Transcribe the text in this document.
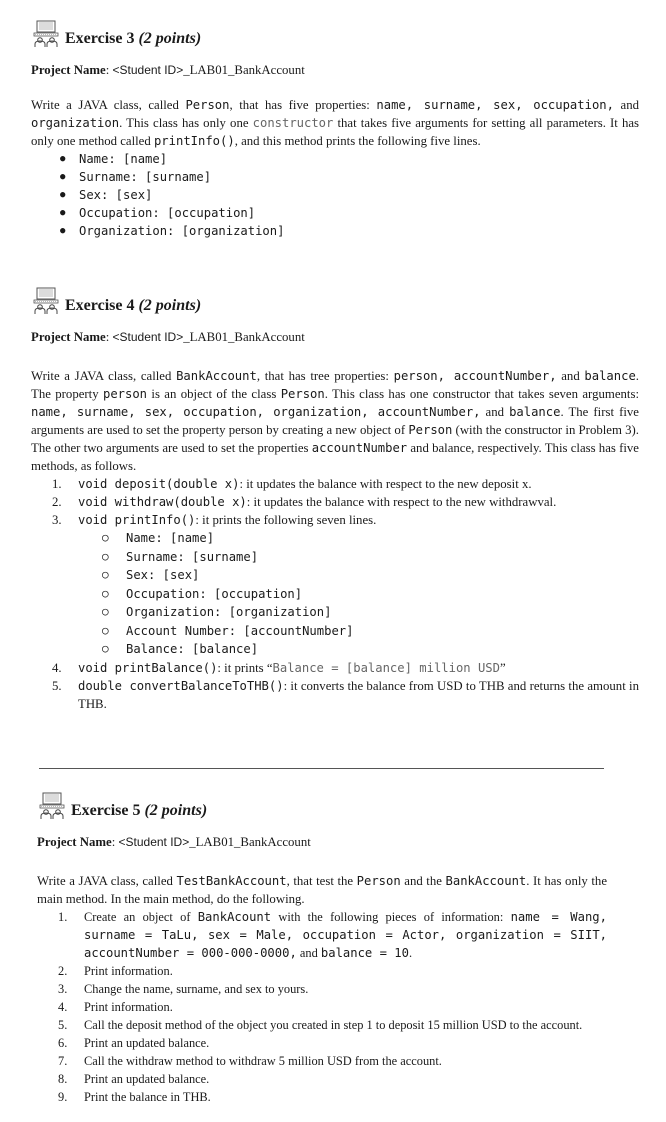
Exercise 3 (2 points)
Project Name: <Student ID>_LAB01_BankAccount
Write a JAVA class, called Person, that has five properties: name, surname, sex, occupation, and organization. This class has only one constructor that takes five arguments for setting all parameters. It has only one method called printInfo(), and this method prints the following five lines.
● Name: [name]
● Surname: [surname]
● Sex: [sex]
● Occupation: [occupation]
● Organization: [organization]
Exercise 4 (2 points)
Project Name: <Student ID>_LAB01_BankAccount
Write a JAVA class, called BankAccount, that has tree properties: person, accountNumber, and balance. The property person is an object of the class Person. This class has one constructor that takes seven arguments: name, surname, sex, occupation, organization, accountNumber, and balance. The first five arguments are used to set the property person by creating a new object of Person (with the constructor in Problem 3). The other two arguments are used to set the properties accountNumber and balance, respectively. This class has five methods, as follows.
1. void deposit(double x): it updates the balance with respect to the new deposit x.
2. void withdraw(double x): it updates the balance with respect to the new withdrawval.
3. void printInfo(): it prints the following seven lines.
○ Name: [name]
○ Surname: [surname]
○ Sex: [sex]
○ Occupation: [occupation]
○ Organization: [organization]
○ Account Number: [accountNumber]
○ Balance: [balance]
4. void printBalance(): it prints “Balance = [balance] million USD”
5. double convertBalanceToTHB(): it converts the balance from USD to THB and returns the amount in THB.
Exercise 5 (2 points)
Project Name: <Student ID>_LAB01_BankAccount
Write a JAVA class, called TestBankAccount, that test the Person and the BankAccount. It has only the main method. In the main method, do the following.
1. Create an object of BankAcount with the following pieces of information: name = Wang, surname = TaLu, sex = Male, occupation = Actor, organization = SIIT, accountNumber = 000-000-0000, and balance = 10.
2. Print information.
3. Change the name, surname, and sex to yours.
4. Print information.
5. Call the deposit method of the object you created in step 1 to deposit 15 million USD to the account.
6. Print an updated balance.
7. Call the withdraw method to withdraw 5 million USD from the account.
8. Print an updated balance.
9. Print the balance in THB.
